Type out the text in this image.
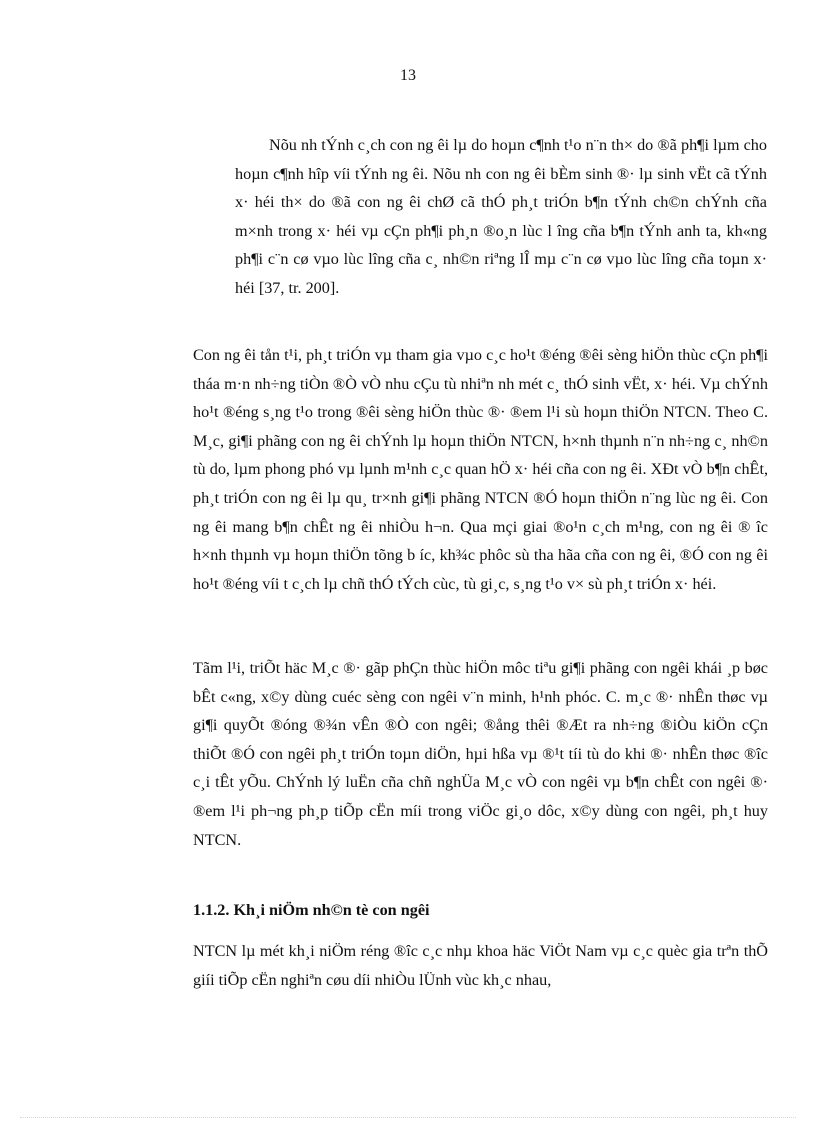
13

Nõu nh tÝnh c¸ch con ng êi lµ do hoµn c¶nh t¹o n¨n th× do ®ã ph¶i lµm cho hoµn c¶nh hîp víi tÝnh ng êi. Nõu nh con ng êi bÈm sinh ®· lµ sinh vËt cã tÝnh x· héi th× do ®ã con ng êi chØ cã thÓ ph¸t triÓn b¶n tÝnh ch©n chÝnh cña m×nh trong x· héi vµ cÇn ph¶i ph¸n ®o¸n lùc l îng cña b¶n tÝnh anh ta, kh«ng ph¶i c¨n cø vµo lùc lîng cña c¸ nh©n riªng lÎ mµ c¨n cø vµo lùc lîng cña toµn x· héi [37, tr. 200].

Con ng êi tån t¹i, ph¸t triÓn vµ tham gia vµo c¸c ho¹t ®éng ®êi sèng hiÖn thùc cÇn ph¶i tháa m·n nh÷ng tiÒn ®Ò vÒ nhu cÇu tù nhiªn nh mét c¸ thÓ sinh vËt, x· héi. Vµ chÝnh ho¹t ®éng s¸ng t¹o trong ®êi sèng hiÖn thùc ®· ®em l¹i sù hoµn thiÖn NTCN. Theo C. M¸c, gi¶i phãng con ng êi chÝnh lµ hoµn thiÖn NTCN, h×nh thµnh n¨n nh÷ng c¸ nh©n tù do, lµm phong phó vµ lµnh m¹nh c¸c quan hÖ x· héi cña con ng êi. XÐt vÒ b¶n chÊt, ph¸t triÓn con ng êi lµ qu¸ tr×nh gi¶i phãng NTCN ®Ó hoµn thiÖn n¨ng lùc ng êi. Con ng êi mang b¶n chÊt ng êi nhiÒu h¬n. Qua mçi giai ®o¹n c¸ch m¹ng, con ng êi ® îc h×nh thµnh vµ hoµn thiÖn tõng b íc, kh¾c phôc sù tha hãa cña con ng êi, ®Ó con ng êi ho¹t ®éng víi t c¸ch lµ chñ thÓ tÝch cùc, tù gi¸c, s¸ng t¹o v× sù ph¸t triÓn x· héi.

Tãm l¹i, triÕt häc M¸c ®· gãp phÇn thùc hiÖn môc tiªu gi¶i phãng con ngêi khái ¸p bøc bÊt c«ng, x©y dùng cuéc sèng con ngêi v¨n minh, h¹nh phóc. C. m¸c ®· nhÊn thøc vµ gi¶i quyÕt ®óng ®¾n vÊn ®Ò con ngêi; ®ång thêi ®Æt ra nh÷ng ®iÒu kiÖn cÇn thiÕt ®Ó con ngêi ph¸t triÓn toµn diÖn, hµi hßa vµ ®¹t tíi tù do khi ®· nhÊn thøc ®îc c¸i tÊt yÕu. ChÝnh lý luËn cña chñ nghÜa M¸c vÒ con ngêi vµ b¶n chÊt con ngêi ®· ®em l¹i ph¬ng ph¸p tiÕp cËn míi trong viÖc gi¸o dôc, x©y dùng con ngêi, ph¸t huy NTCN.

1.1.2. Kh¸i niÖm nh©n tè con ngêi

NTCN lµ mét kh¸i niÖm réng ®îc c¸c nhµ khoa häc ViÖt Nam vµ c¸c quèc gia trªn thÕ giíi tiÕp cËn nghiªn cøu díi nhiÒu lÜnh vùc kh¸c nhau,
